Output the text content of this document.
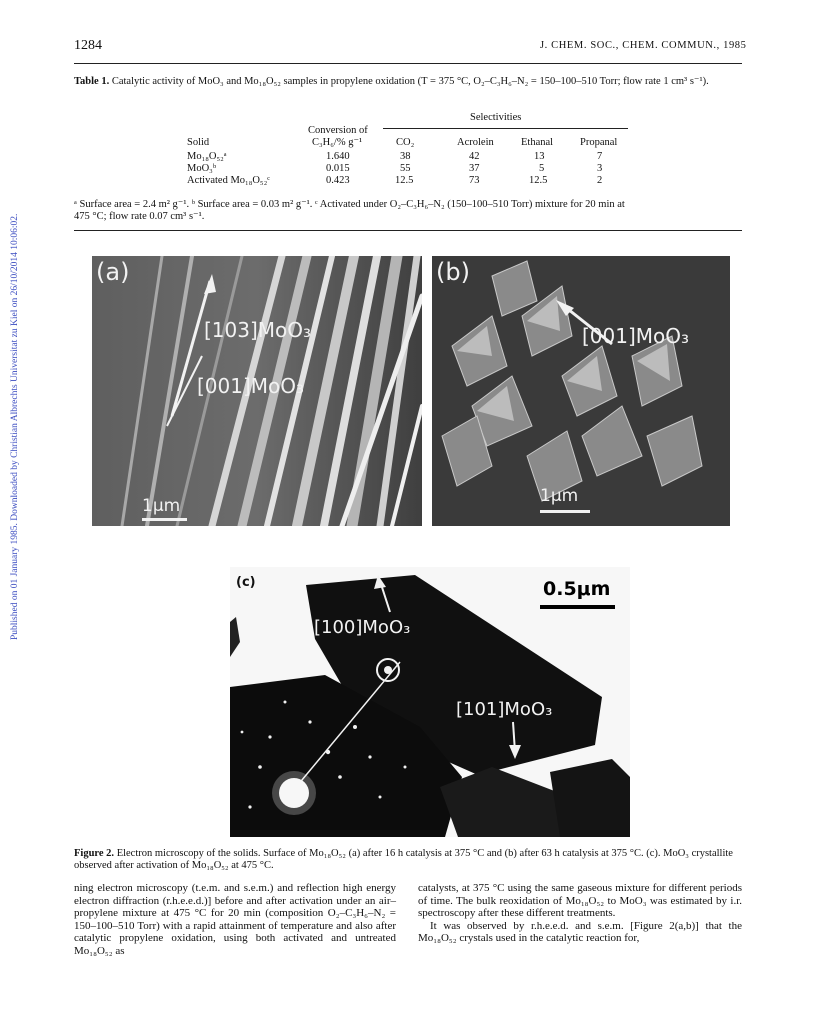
Published on 01 January 1985. Downloaded by Christian Albrechts Universitat zu Kiel on 26/10/2014 10:06:02.
1284	J. CHEM. SOC., CHEM. COMMUN., 1985
Table 1. Catalytic activity of MoO₃ and Mo₁₈O₅₂ samples in propylene oxidation (T = 375 °C, O₂–C₃H₆–N₂ = 150–100–510 Torr; flow rate 1 cm³ s⁻¹).
Selectivities
Conversion of
Solid	C₃H₆/% g⁻¹	CO₂	Acrolein	Ethanal	Propanal
Mo₁₈O₅₂ᵃ	1.640	38	42	13	7
MoO₃ᵇ	0.015	55	37	5	3
Activated Mo₁₈O₅₂ᶜ	0.423	12.5	73	12.5	2
ᵃ Surface area = 2.4 m² g⁻¹. ᵇ Surface area = 0.03 m² g⁻¹. ᶜ Activated under O₂–C₃H₆–N₂ (150–100–510 Torr) mixture for 20 min at
475 °C; flow rate 0.07 cm³ s⁻¹.
(a)
[103]MoO₃
[001]MoO₃
1μm
(b)
[001]MoO₃
1μm
(c)	0.5μm
[100]MoO₃
[101]MoO₃
Figure 2. Electron microscopy of the solids. Surface of Mo₁₈O₅₂ (a) after 16 h catalysis at 375 °C and (b) after 63 h catalysis at 375 °C. (c). MoO₃ crystallite observed after activation of Mo₁₈O₅₂ at 475 °C.
ning electron microscopy (t.e.m. and s.e.m.) and reflection high energy electron diffraction (r.h.e.e.d.)] before and after activation under an air–propylene mixture at 475 °C for 20 min (composition O₂–C₃H₆–N₂ = 150–100–510 Torr) with a rapid attainment of temperature and also after catalytic propylene oxidation, using both activated and untreated Mo₁₈O₅₂ as
catalysts, at 375 °C using the same gaseous mixture for different periods of time. The bulk reoxidation of Mo₁₈O₅₂ to MoO₃ was estimated by i.r. spectroscopy after these different treatments.
It was observed by r.h.e.e.d. and s.e.m. [Figure 2(a,b)] that the Mo₁₈O₅₂ crystals used in the catalytic reaction for,
